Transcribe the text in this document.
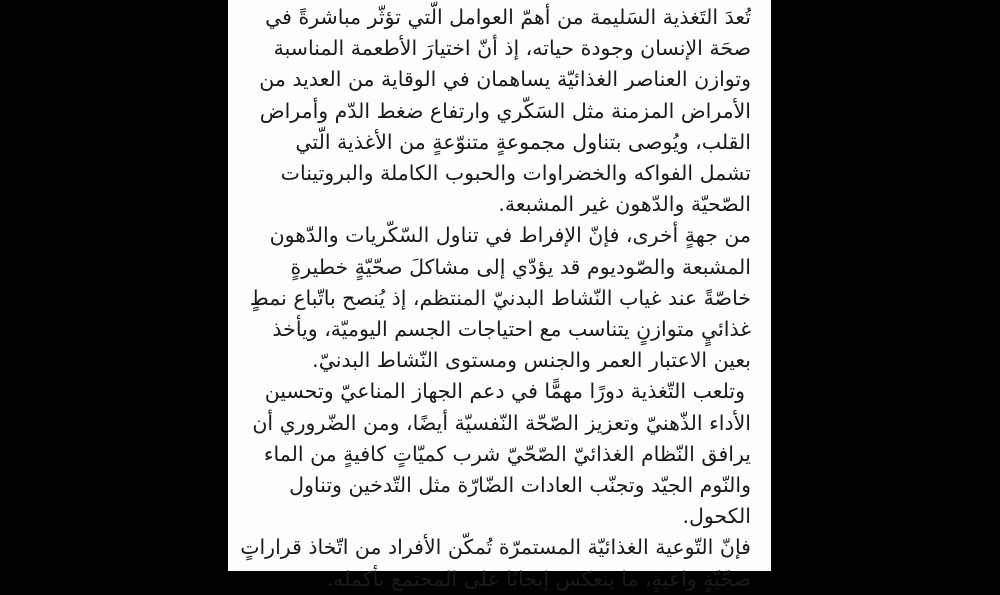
تُعدَ التَغذية السَليمة من أهمّ العوامل الّتي تؤثّر مباشرةً في
صحَة الإنسان وجودة حياته، إذ أنّ اختيارَ الأطعمة المناسبة
وتوازن العناصر الغذائيّة يساهمان في الوقاية من العديد من
الأمراض المزمنة مثل السَكّري وارتفاع ضغط الدّم وأمراض
القلب، ويُوصى بتناول مجموعةٍ متنوّعةٍ من الأغذية الّتي
تشمل الفواكه والخضراوات والحبوب الكاملة والبروتينات
الصّحيّة والدّهون غير المشبعة.
من جهةٍ أخرى، فإنّ الإفراط في تناول السّكّريات والدّهون
المشبعة والصّوديوم قد يؤدّي إلى مشاكلَ صحّيّةٍ خطيرةٍ
خاصّةً عند غياب النّشاط البدنيّ المنتظم، إذ يُنصح باتّباع نمطٍ
غذائيٍ متوازنٍ يتناسب مع احتياجات الجسم اليوميّة، ويأخذ
بعين الاعتبار العمر والجنس ومستوى النّشاط البدنيّ.
وتلعب التّغذية دورًا مهمًّا في دعم الجهاز المناعيّ وتحسين
الأداء الذّهنيّ وتعزيز الصّحّة النّفسيّة أيضًا، ومن الضّروري أن
يرافق النّظام الغذائيّ الصّحّيّ شرب كميّاتٍ كافيةٍ من الماء
والنّوم الجيّد وتجنّب العادات الضّارّة مثل التّدخين وتناول
الكحول.
فإنّ التّوعية الغذائيّة المستمرّة تُمكّن الأفراد من اتّخاذ قراراتٍ
صحّيّةٍ واعيةٍ، ما ينعكس إيجابًا على المجتمع بأكمله.
